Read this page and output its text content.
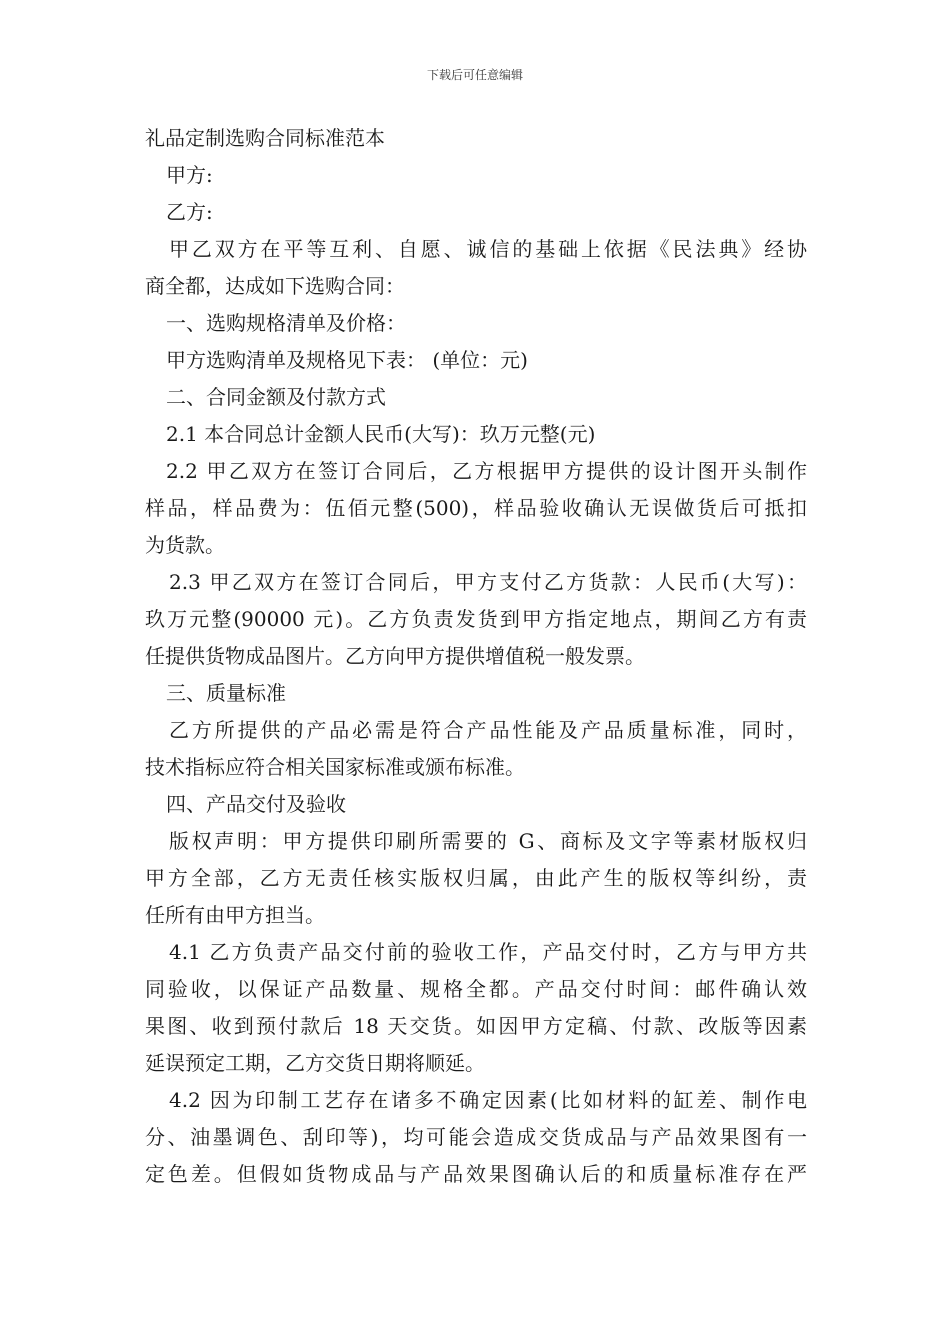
下载后可任意编辑
礼品定制选购合同标准范本
甲方:
乙方:
甲乙双方在平等互利、自愿、诚信的基础上依据《民法典》经协
商全都，达成如下选购合同：
一、选购规格清单及价格：
甲方选购清单及规格见下表： (单位：元)
二、合同金额及付款方式
2.1 本合同总计金额人民币(大写)：玖万元整(元)
2.2 甲乙双方在签订合同后，乙方根据甲方提供的设计图开头制作
样品，样品费为：伍佰元整(500)，样品验收确认无误做货后可抵扣
为货款。
2.3 甲乙双方在签订合同后，甲方支付乙方货款：人民币(大写)：
玖万元整(90000 元)。乙方负责发货到甲方指定地点，期间乙方有责
任提供货物成品图片。乙方向甲方提供增值税一般发票。
三、质量标准
乙方所提供的产品必需是符合产品性能及产品质量标准，同时，
技术指标应符合相关国家标准或颁布标准。
四、产品交付及验收
版权声明：甲方提供印刷所需要的 G、商标及文字等素材版权归
甲方全部，乙方无责任核实版权归属，由此产生的版权等纠纷，责
任所有由甲方担当。
4.1 乙方负责产品交付前的验收工作，产品交付时，乙方与甲方共
同验收，以保证产品数量、规格全都。产品交付时间：邮件确认效
果图、收到预付款后 18 天交货。如因甲方定稿、付款、改版等因素
延误预定工期，乙方交货日期将顺延。
4.2 因为印制工艺存在诸多不确定因素(比如材料的缸差、制作电
分、油墨调色、刮印等)，均可能会造成交货成品与产品效果图有一
定色差。但假如货物成品与产品效果图确认后的和质量标准存在严
